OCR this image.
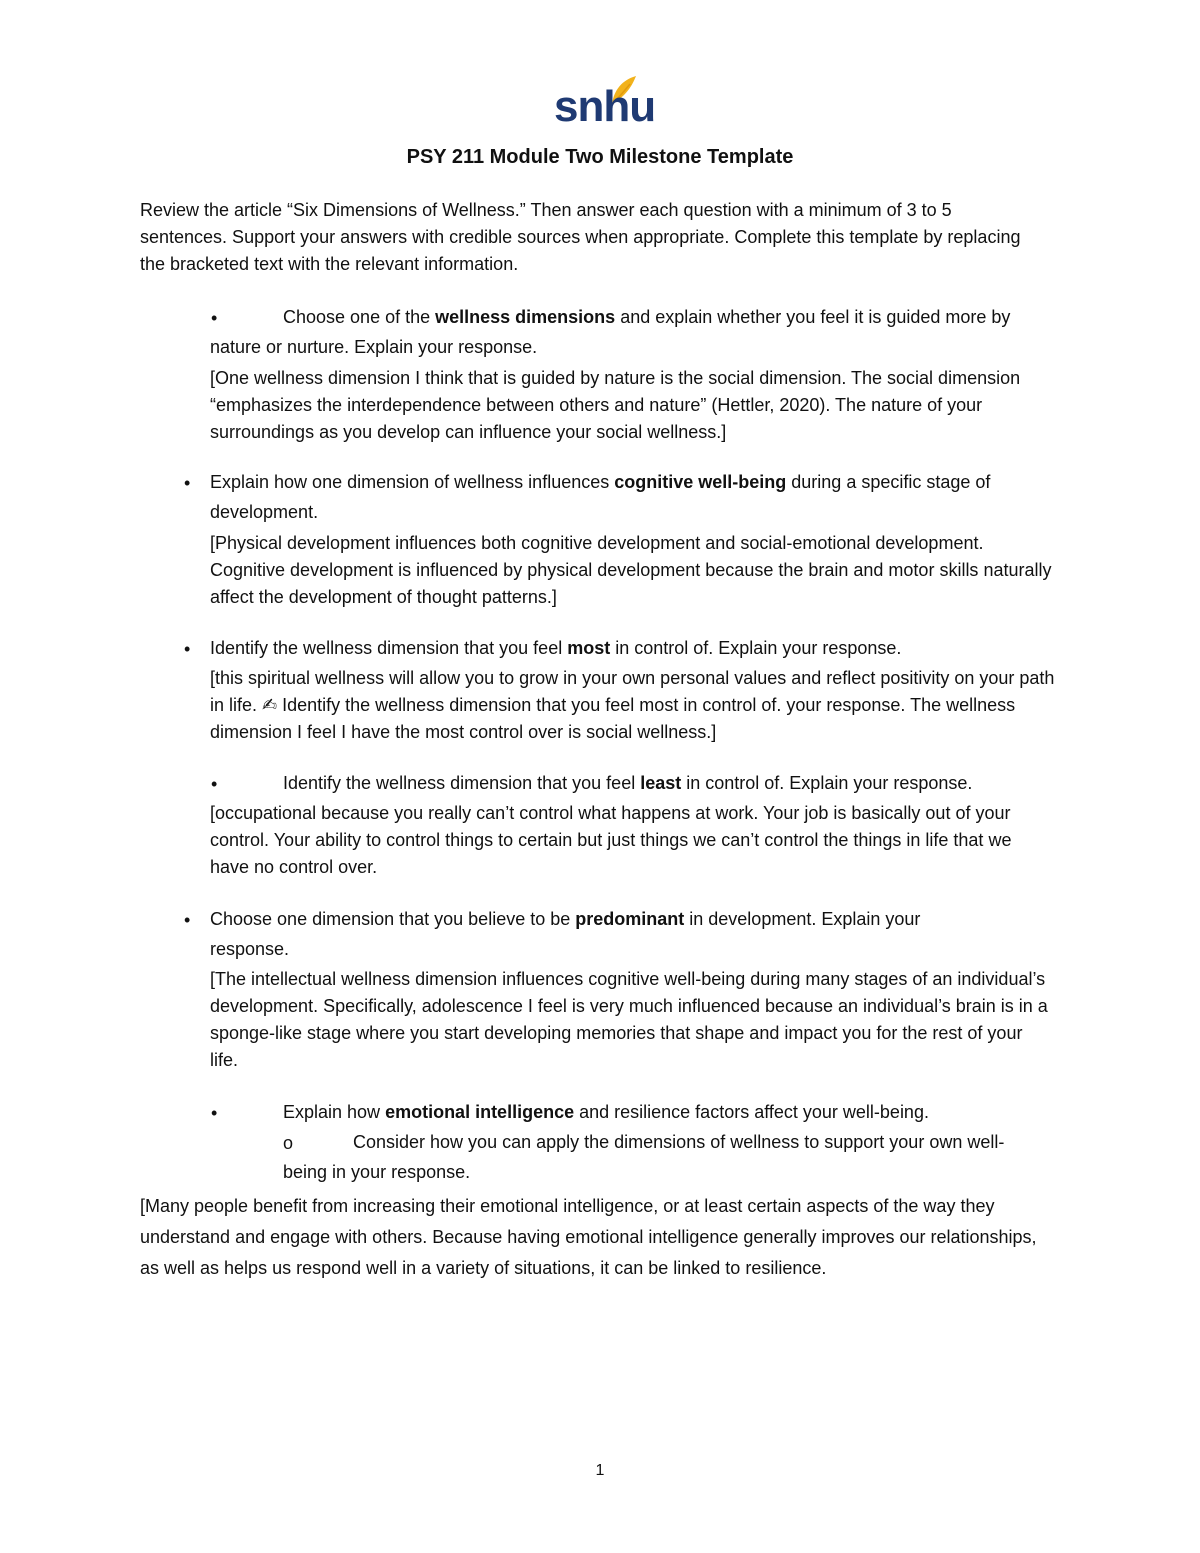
snhu
PSY 211 Module Two Milestone Template
Review the article “Six Dimensions of Wellness.” Then answer each question with a minimum of 3 to 5 sentences. Support your answers with credible sources when appropriate. Complete this template by replacing the bracketed text with the relevant information.
•	Choose one of the wellness dimensions and explain whether you feel it is guided more by nature or nurture. Explain your response.
[One wellness dimension I think that is guided by nature is the social dimension. The social dimension “emphasizes the interdependence between others and nature” (Hettler, 2020). The nature of your surroundings as you develop can influence your social wellness.]
• Explain how one dimension of wellness influences cognitive well-being during a specific stage of development.
[Physical development influences both cognitive development and social-emotional development. Cognitive development is influenced by physical development because the brain and motor skills naturally affect the development of thought patterns.]
• Identify the wellness dimension that you feel most in control of. Explain your response.
[this spiritual wellness will allow you to grow in your own personal values and reflect positivity on your path in life. ✍ Identify the wellness dimension that you feel most in control of. your response. The wellness dimension I feel I have the most control over is social wellness.]
•	Identify the wellness dimension that you feel least in control of. Explain your response.
[occupational because you really can’t control what happens at work. Your job is basically out of your control. Your ability to control things to certain but just things we can’t control the things in life that we have no control over.
• Choose one dimension that you believe to be predominant in development. Explain your response.
[The intellectual wellness dimension influences cognitive well-being during many stages of an individual’s development. Specifically, adolescence I feel is very much influenced because an individual’s brain is in a sponge-like stage where you start developing memories that shape and impact you for the rest of your life.
•	Explain how emotional intelligence and resilience factors affect your well-being.
o	Consider how you can apply the dimensions of wellness to support your own well-being in your response.
[Many people benefit from increasing their emotional intelligence, or at least certain aspects of the way they understand and engage with others. Because having emotional intelligence generally improves our relationships, as well as helps us respond well in a variety of situations, it can be linked to resilience.
1
